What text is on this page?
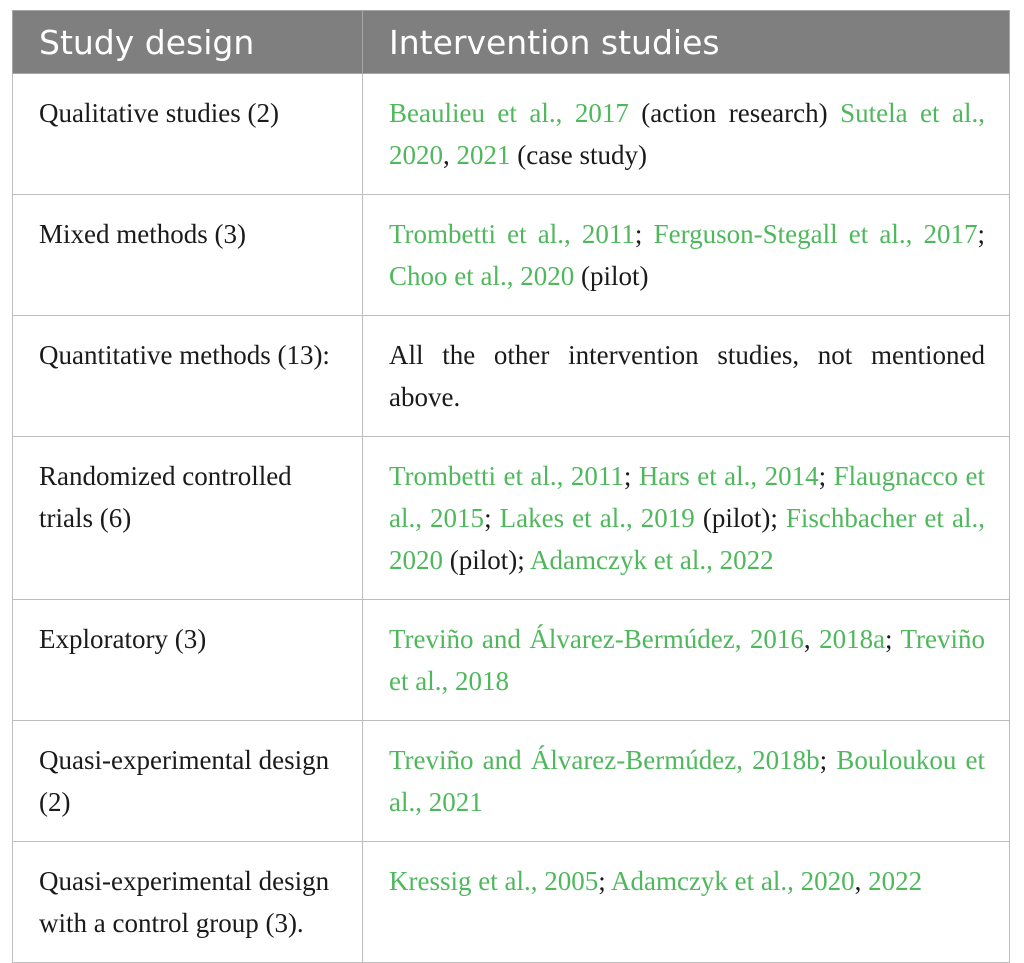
Study design	Intervention studies
Qualitative studies (2)	Beaulieu et al., 2017 (action research) Sutela et al., 2020, 2021 (case study)
Mixed methods (3)	Trombetti et al., 2011; Ferguson-Stegall et al., 2017; Choo et al., 2020 (pilot)
Quantitative methods (13):	All the other intervention studies, not mentioned above.
Randomized controlled trials (6)	Trombetti et al., 2011; Hars et al., 2014; Flaugnacco et al., 2015; Lakes et al., 2019 (pilot); Fischbacher et al., 2020 (pilot); Adamczyk et al., 2022
Exploratory (3)	Treviño and Álvarez-Bermúdez, 2016, 2018a; Treviño et al., 2018
Quasi-experimental design (2)	Treviño and Álvarez-Bermúdez, 2018b; Bouloukou et al., 2021
Quasi-experimental design with a control group (3).	Kressig et al., 2005; Adamczyk et al., 2020, 2022
